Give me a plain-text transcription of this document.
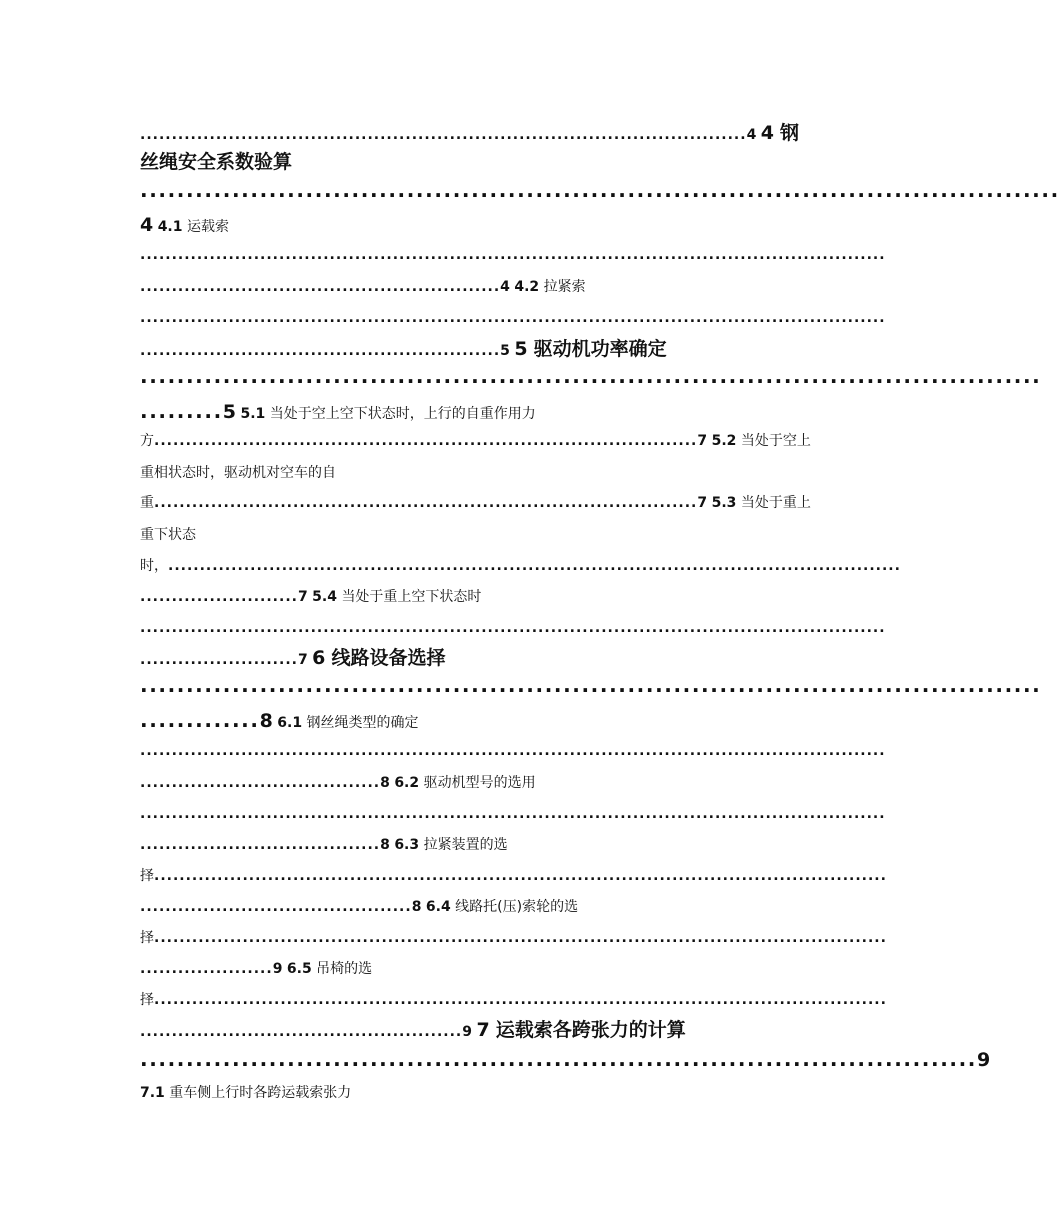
................................................................................................4 4 钢
丝绳安全系数验算
....................................................................................................
4 4.1 运载索
......................................................................................................................
.........................................................4 4.2 拉紧索
......................................................................................................................
.........................................................5 5 驱动机功率确定
..................................................................................................
.........5 5.1 当处于空上空下状态时，上行的自重作用力
方......................................................................................7 5.2 当处于空上
重相状态时，驱动机对空车的自
重......................................................................................7 5.3 当处于重上
重下状态
时，....................................................................................................................
.........................7 5.4 当处于重上空下状态时
......................................................................................................................
.........................7 6 线路设备选择
..................................................................................................
.............8 6.1 钢丝绳类型的确定
......................................................................................................................
......................................8 6.2 驱动机型号的选用
......................................................................................................................
......................................8 6.3 拉紧装置的选
择....................................................................................................................
...........................................8 6.4 线路托(压)索轮的选
择....................................................................................................................
.....................9 6.5 吊椅的选
择....................................................................................................................
...................................................9 7 运载索各跨张力的计算
...........................................................................................9
7.1 重车侧上行时各跨运载索张力
